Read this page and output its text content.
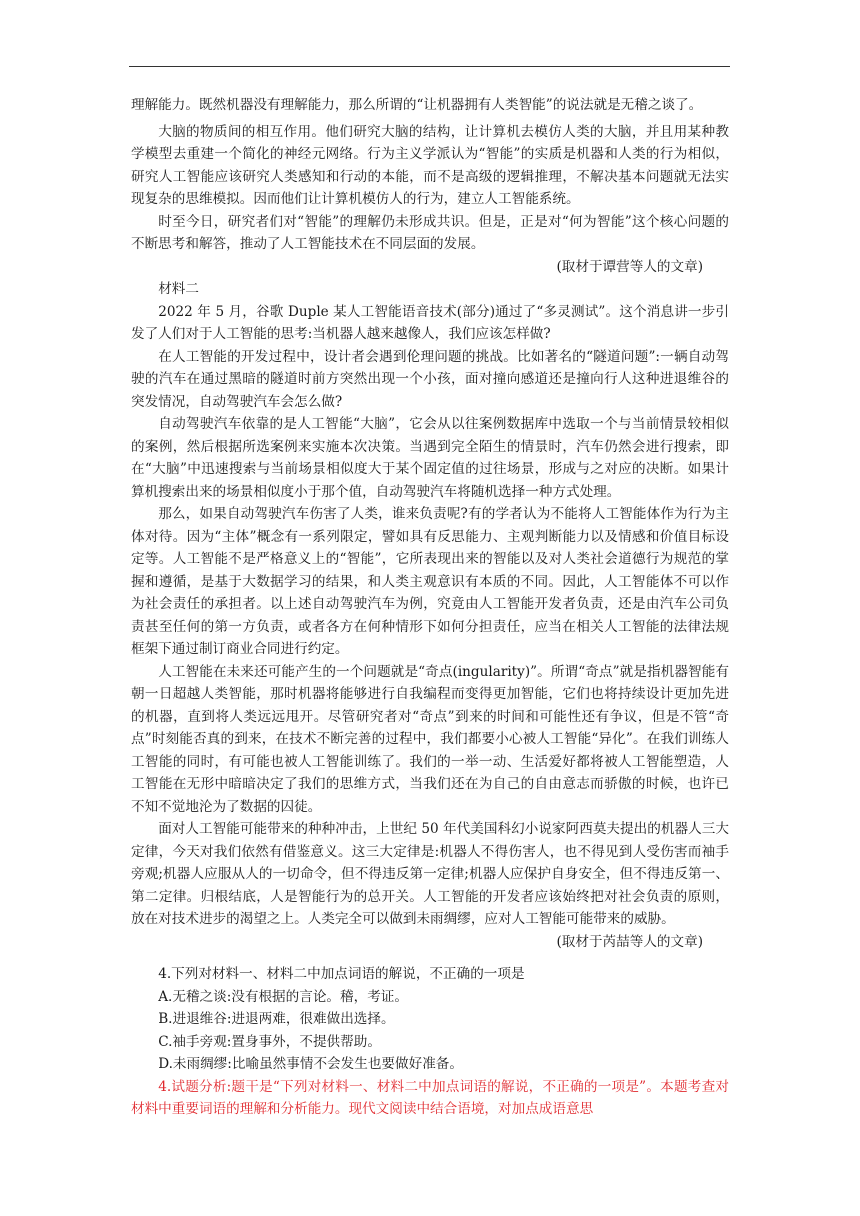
理解能力。既然机器没有理解能力，那么所谓的“让机器拥有人类智能”的说法就是无稽之谈了。

大脑的物质间的相互作用。他们研究大脑的结构，让计算机去模仿人类的大脑，并且用某种教学模型去重建一个简化的神经元网络。行为主义学派认为“智能”的实质是机器和人类的行为相似，研究人工智能应该研究人类感知和行动的本能，而不是高级的逻辑推理，不解决基本问题就无法实现复杂的思维模拟。因而他们让计算机模仿人的行为，建立人工智能系统。

时至今日，研究者们对“智能”的理解仍未形成共识。但是，正是对“何为智能”这个核心问题的不断思考和解答，推动了人工智能技术在不同层面的发展。

(取材于谭营等人的文章)

材料二

2022 年 5 月，谷歌 Duple 某人工智能语音技术(部分)通过了“多灵测试”。这个消息讲一步引发了人们对于人工智能的思考:当机器人越来越像人，我们应该怎样做?

在人工智能的开发过程中，设计者会遇到伦理问题的挑战。比如著名的“隧道问题”:一辆自动驾驶的汽车在通过黑暗的隧道时前方突然出现一个小孩，面对撞向感道还是撞向行人这种进退维谷的突发情况，自动驾驶汽车会怎么做?

自动驾驶汽车依靠的是人工智能“大脑”，它会从以往案例数据库中选取一个与当前情景较相似的案例，然后根据所选案例来实施本次决策。当遇到完全陌生的情景时，汽车仍然会进行搜索，即在“大脑”中迅速搜索与当前场景相似度大于某个固定值的过往场景，形成与之对应的决断。如果计算机搜索出来的场景相似度小于那个值，自动驾驶汽车将随机选择一种方式处理。

那么，如果自动驾驶汽车伤害了人类，谁来负责呢?有的学者认为不能将人工智能体作为行为主体对待。因为“主体”概念有一系列限定，譬如具有反思能力、主观判断能力以及情感和价值目标设定等。人工智能不是严格意义上的“智能”，它所表现出来的智能以及对人类社会道德行为规范的掌握和遵循，是基于大数据学习的结果，和人类主观意识有本质的不同。因此，人工智能体不可以作为社会责任的承担者。以上述自动驾驶汽车为例，究竟由人工智能开发者负责，还是由汽车公司负责甚至任何的第一方负责，或者各方在何种情形下如何分担责任，应当在相关人工智能的法律法规框架下通过制订商业合同进行约定。

人工智能在未来还可能产生的一个问题就是“奇点(ingularity)”。所谓“奇点”就是指机器智能有朝一日超越人类智能，那时机器将能够进行自我编程而变得更加智能，它们也将持续设计更加先进的机器，直到将人类远远甩开。尽管研究者对“奇点”到来的时间和可能性还有争议，但是不管“奇点”时刻能否真的到来，在技术不断完善的过程中，我们都要小心被人工智能“异化”。在我们训练人工智能的同时，有可能也被人工智能训练了。我们的一举一动、生活爱好都将被人工智能塑造，人工智能在无形中暗暗决定了我们的思维方式，当我们还在为自己的自由意志而骄傲的时候，也许已不知不觉地沦为了数据的囚徒。

面对人工智能可能带来的种种冲击，上世纪 50 年代美国科幻小说家阿西莫夫提出的机器人三大定律，今天对我们依然有借鉴意义。这三大定律是:机器人不得伤害人，也不得见到人受伤害而袖手旁观;机器人应服从人的一切命令，但不得违反第一定律;机器人应保护自身安全，但不得违反第一、第二定律。归根结底，人是智能行为的总开关。人工智能的开发者应该始终把对社会负责的原则，放在对技术进步的渴望之上。人类完全可以做到未雨绸缪，应对人工智能可能带来的威胁。

(取材于芮喆等人的文章)

4.下列对材料一、材料二中加点词语的解说，不正确的一项是

A.无稽之谈:没有根据的言论。稽，考证。

B.进退维谷:进退两难，很难做出选择。

C.袖手旁观:置身事外，不提供帮助。

D.未雨绸缪:比喻虽然事情不会发生也要做好准备。

4.试题分析:题干是“下列对材料一、材料二中加点词语的解说，不正确的一项是”。本题考查对材料中重要词语的理解和分析能力。现代文阅读中结合语境，对加点成语意思
